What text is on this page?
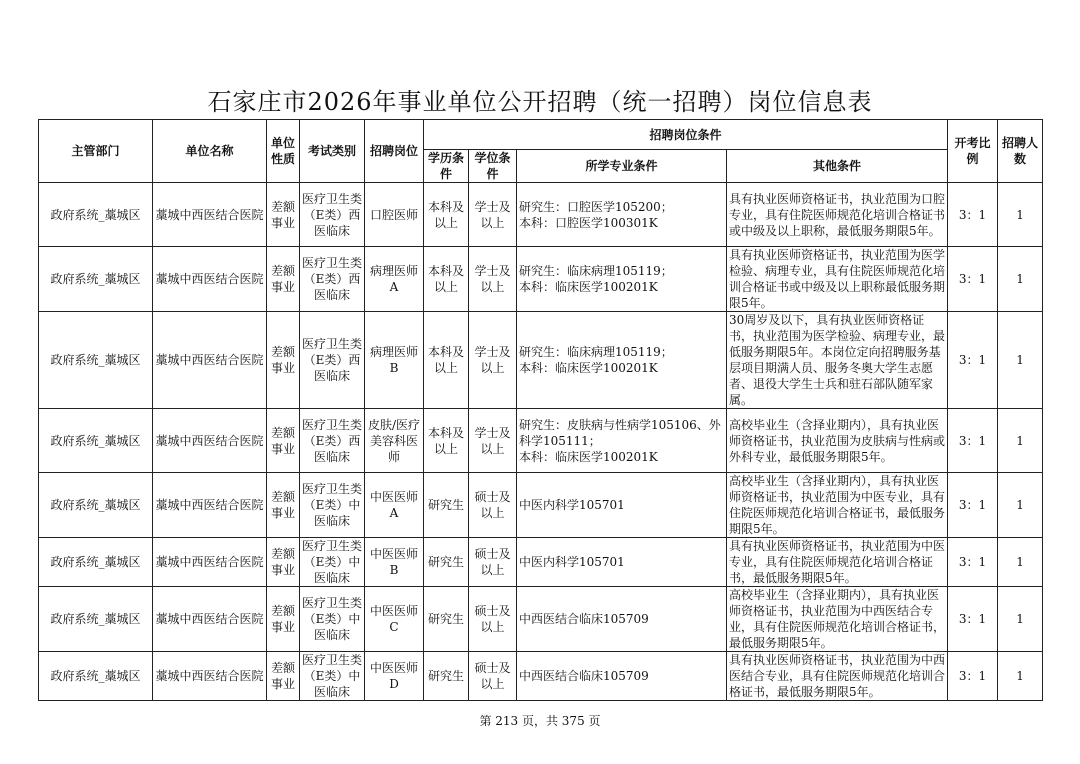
石家庄市2026年事业单位公开招聘（统一招聘）岗位信息表
主管部门	单位名称	单位性质	考试类别	招聘岗位	招聘岗位条件				开考比例	招聘人数
					学历条件	学位条件	所学专业条件	其他条件		
政府系统_藁城区	藁城中西医结合医院	差额事业	医疗卫生类（E类）西医临床	口腔医师	本科及以上	学士及以上	研究生：口腔医学105200；
本科：口腔医学100301K	具有执业医师资格证书，执业范围为口腔专业，具有住院医师规范化培训合格证书或中级及以上职称，最低服务期限5年。	3：1	1
政府系统_藁城区	藁城中西医结合医院	差额事业	医疗卫生类（E类）西医临床	病理医师A	本科及以上	学士及以上	研究生：临床病理105119；
本科：临床医学100201K	具有执业医师资格证书，执业范围为医学检验、病理专业，具有住院医师规范化培训合格证书或中级及以上职称最低服务期限5年。	3：1	1
政府系统_藁城区	藁城中西医结合医院	差额事业	医疗卫生类（E类）西医临床	病理医师B	本科及以上	学士及以上	研究生：临床病理105119；
本科：临床医学100201K	30周岁及以下，具有执业医师资格证书，执业范围为医学检验、病理专业，最低服务期限5年。本岗位定向招聘服务基层项目期满人员、服务冬奥大学生志愿者、退役大学生士兵和驻石部队随军家属。	3：1	1
政府系统_藁城区	藁城中西医结合医院	差额事业	医疗卫生类（E类）西医临床	皮肤/医疗美容科医师	本科及以上	学士及以上	研究生：皮肤病与性病学105106、外科学105111；
本科：临床医学100201K	高校毕业生（含择业期内），具有执业医师资格证书，执业范围为皮肤病与性病或外科专业，最低服务期限5年。	3：1	1
政府系统_藁城区	藁城中西医结合医院	差额事业	医疗卫生类（E类）中医临床	中医医师A	研究生	硕士及以上	中医内科学105701	高校毕业生（含择业期内），具有执业医师资格证书，执业范围为中医专业，具有住院医师规范化培训合格证书，最低服务期限5年。	3：1	1
政府系统_藁城区	藁城中西医结合医院	差额事业	医疗卫生类（E类）中医临床	中医医师B	研究生	硕士及以上	中医内科学105701	具有执业医师资格证书，执业范围为中医专业，具有住院医师规范化培训合格证书，最低服务期限5年。	3：1	1
政府系统_藁城区	藁城中西医结合医院	差额事业	医疗卫生类（E类）中医临床	中医医师C	研究生	硕士及以上	中西医结合临床105709	高校毕业生（含择业期内），具有执业医师资格证书，执业范围为中西医结合专业，具有住院医师规范化培训合格证书，最低服务期限5年。	3：1	1
政府系统_藁城区	藁城中西医结合医院	差额事业	医疗卫生类（E类）中医临床	中医医师D	研究生	硕士及以上	中西医结合临床105709	具有执业医师资格证书，执业范围为中西医结合专业，具有住院医师规范化培训合格证书，最低服务期限5年。	3：1	1
第 213 页，共 375 页
